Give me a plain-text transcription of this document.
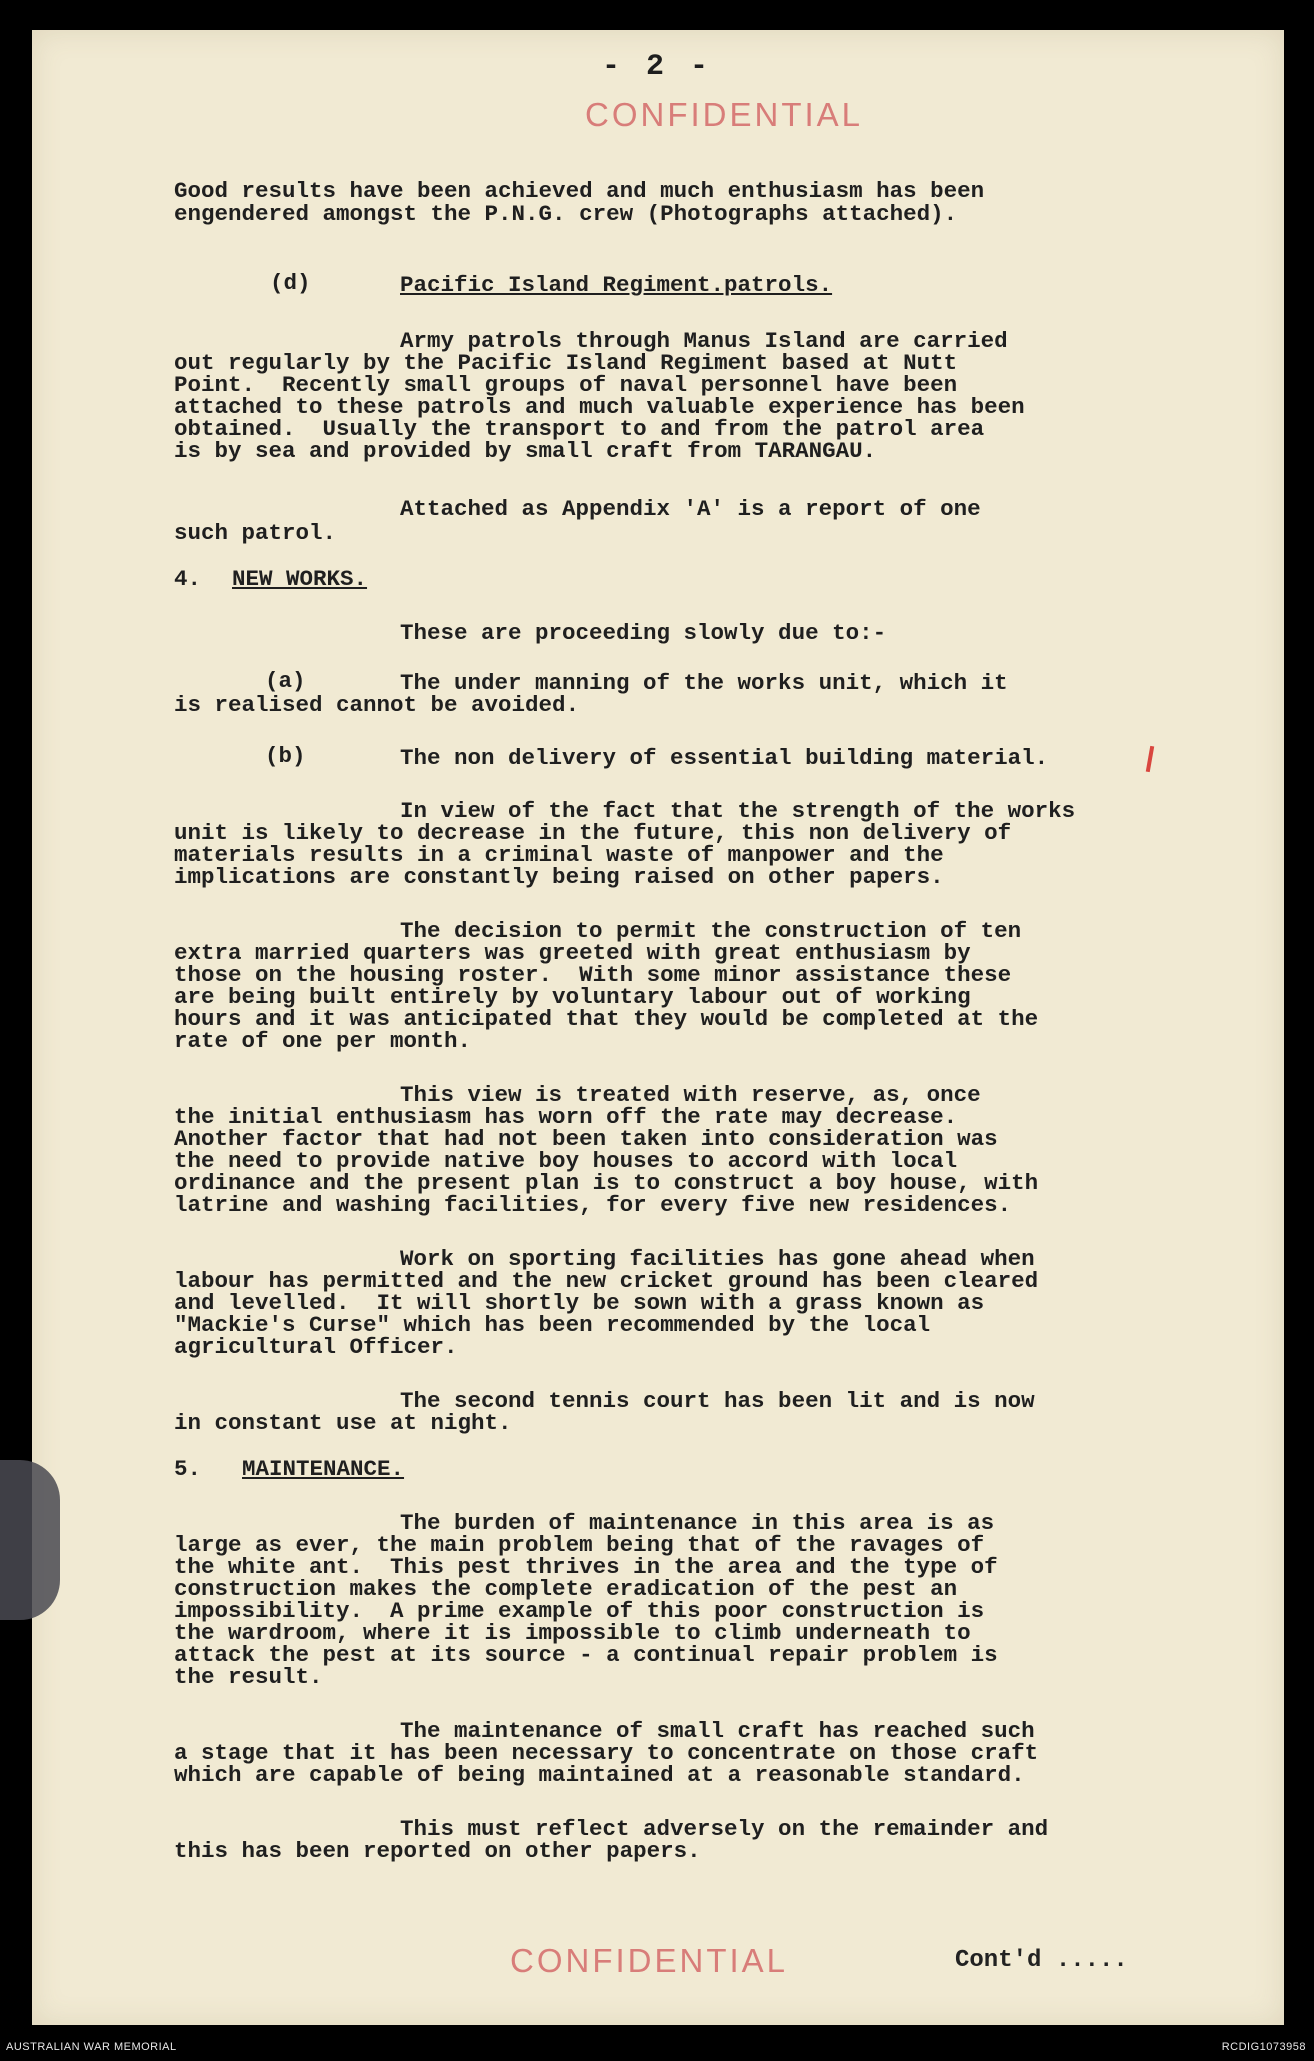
- 2 -
CONFIDENTIAL
Good results have been achieved and much enthusiasm has been
engendered amongst the P.N.G. crew (Photographs attached).
(d)	Pacific Island Regiment.patrols.
Army patrols through Manus Island are carried
out regularly by the Pacific Island Regiment based at Nutt
Point.  Recently small groups of naval personnel have been
attached to these patrols and much valuable experience has been
obtained.  Usually the transport to and from the patrol area
is by sea and provided by small craft from TARANGAU.
Attached as Appendix 'A' is a report of one
such patrol.
4. NEW WORKS.
These are proceeding slowly due to:-
(a)	The under manning of the works unit, which it
is realised cannot be avoided.
(b)	The non delivery of essential building material.
In view of the fact that the strength of the works
unit is likely to decrease in the future, this non delivery of
materials results in a criminal waste of manpower and the
implications are constantly being raised on other papers.
The decision to permit the construction of ten
extra married quarters was greeted with great enthusiasm by
those on the housing roster.  With some minor assistance these
are being built entirely by voluntary labour out of working
hours and it was anticipated that they would be completed at the
rate of one per month.
This view is treated with reserve, as, once
the initial enthusiasm has worn off the rate may decrease.
Another factor that had not been taken into consideration was
the need to provide native boy houses to accord with local
ordinance and the present plan is to construct a boy house, with
latrine and washing facilities, for every five new residences.
Work on sporting facilities has gone ahead when
labour has permitted and the new cricket ground has been cleared
and levelled.  It will shortly be sown with a grass known as
"Mackie's Curse" which has been recommended by the local
agricultural Officer.
The second tennis court has been lit and is now
in constant use at night.
5. MAINTENANCE.
The burden of maintenance in this area is as
large as ever, the main problem being that of the ravages of
the white ant.  This pest thrives in the area and the type of
construction makes the complete eradication of the pest an
impossibility.  A prime example of this poor construction is
the wardroom, where it is impossible to climb underneath to
attack the pest at its source - a continual repair problem is
the result.
The maintenance of small craft has reached such
a stage that it has been necessary to concentrate on those craft
which are capable of being maintained at a reasonable standard.
This must reflect adversely on the remainder and
this has been reported on other papers.
CONFIDENTIAL	Cont'd .....
AUSTRALIAN WAR MEMORIAL	RCDIG1073958
